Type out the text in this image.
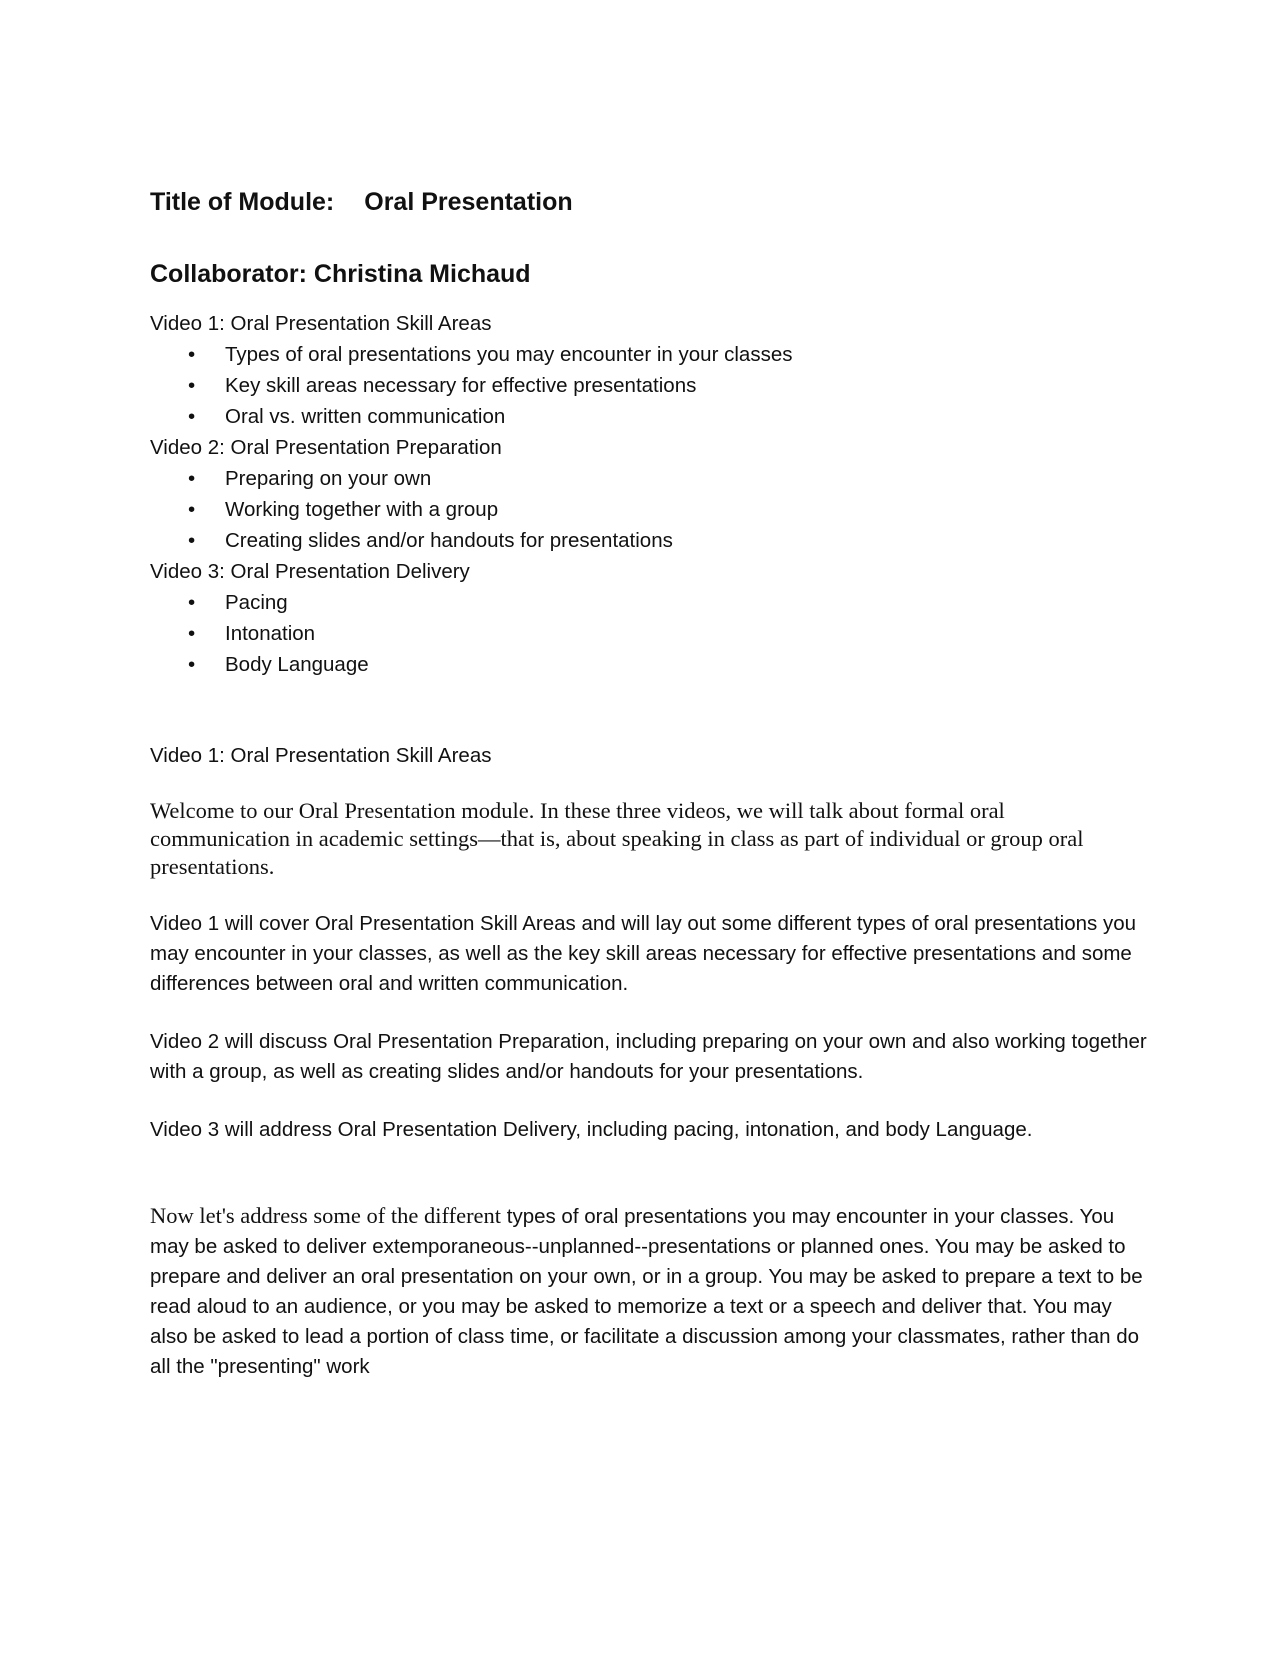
Title of Module: Oral Presentation

Collaborator: Christina Michaud

Video 1: Oral Presentation Skill Areas

• Types of oral presentations you may encounter in your classes
• Key skill areas necessary for effective presentations
• Oral vs. written communication

Video 2: Oral Presentation Preparation

• Preparing on your own
• Working together with a group
• Creating slides and/or handouts for presentations

Video 3: Oral Presentation Delivery

• Pacing
• Intonation
• Body Language

Video 1: Oral Presentation Skill Areas

Welcome to our Oral Presentation module. In these three videos, we will talk about formal oral communication in academic settings—that is, about speaking in class as part of individual or group oral presentations.

Video 1 will cover Oral Presentation Skill Areas and will lay out some different types of oral presentations you may encounter in your classes, as well as the key skill areas necessary for effective presentations and some differences between oral and written communication.

Video 2 will discuss Oral Presentation Preparation, including preparing on your own and also working together with a group, as well as creating slides and/or handouts for your presentations.

Video 3 will address Oral Presentation Delivery, including pacing, intonation, and body Language.

Now let's address some of the different types of oral presentations you may encounter in your classes. You may be asked to deliver extemporaneous--unplanned--presentations or planned ones. You may be asked to prepare and deliver an oral presentation on your own, or in a group. You may be asked to prepare a text to be read aloud to an audience, or you may be asked to memorize a text or a speech and deliver that. You may also be asked to lead a portion of class time, or facilitate a discussion among your classmates, rather than do all the "presenting" work
